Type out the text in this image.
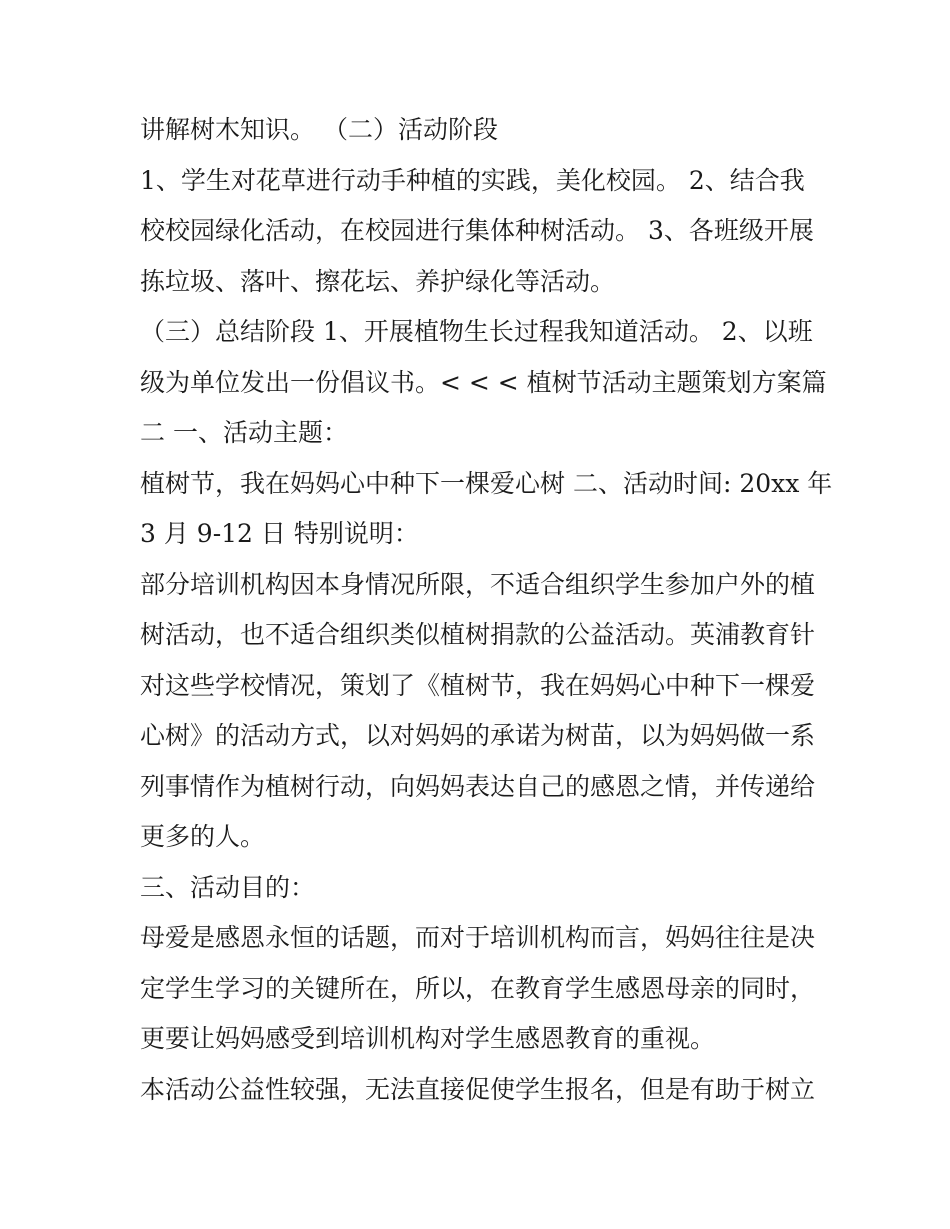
讲解树木知识。 （二）活动阶段
1、学生对花草进行动手种植的实践，美化校园。 2、结合我
校校园绿化活动，在校园进行集体种树活动。 3、各班级开展
拣垃圾、落叶、擦花坛、养护绿化等活动。
（三）总结阶段 1、开展植物生长过程我知道活动。 2、以班
级为单位发出一份倡议书。< < < 植树节活动主题策划方案篇
二 一、活动主题：
植树节，我在妈妈心中种下一棵爱心树 二、活动时间: 20xx 年
3 月 9-12 日 特别说明：
部分培训机构因本身情况所限，不适合组织学生参加户外的植
树活动，也不适合组织类似植树捐款的公益活动。英浦教育针
对这些学校情况，策划了《植树节，我在妈妈心中种下一棵爱
心树》的活动方式，以对妈妈的承诺为树苗，以为妈妈做一系
列事情作为植树行动，向妈妈表达自己的感恩之情，并传递给
更多的人。
三、活动目的：
母爱是感恩永恒的话题，而对于培训机构而言，妈妈往往是决
定学生学习的关键所在，所以，在教育学生感恩母亲的同时，
更要让妈妈感受到培训机构对学生感恩教育的重视。
本活动公益性较强，无法直接促使学生报名，但是有助于树立
